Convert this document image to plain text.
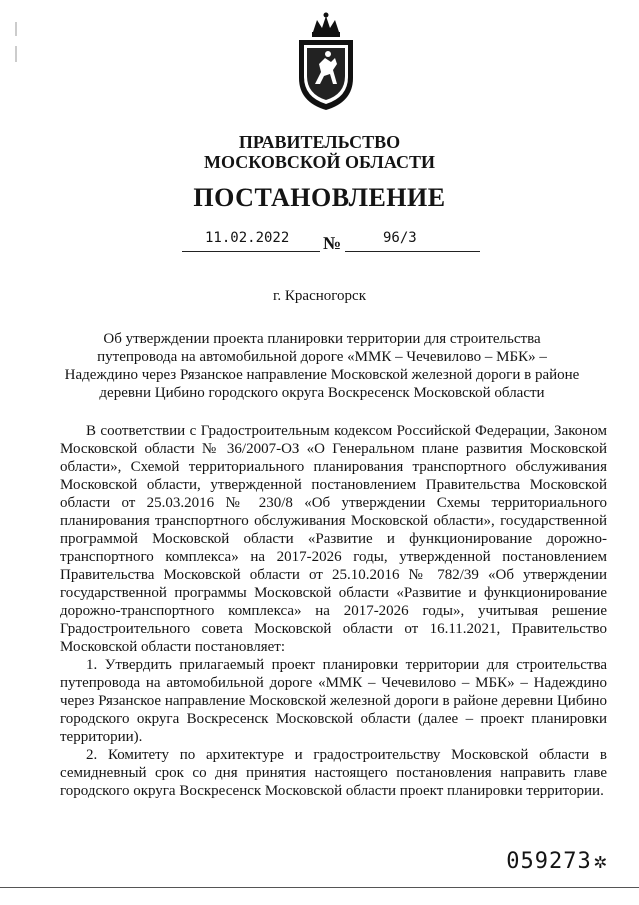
ПРАВИТЕЛЬСТВО
МОСКОВСКОЙ ОБЛАСТИ
ПОСТАНОВЛЕНИЕ
11.02.2022 №	96/3
г. Красногорск
Об утверждении проекта планировки территории для строительства путепровода на автомобильной дороге «ММК – Чечевилово – МБК» – Надеждино через Рязанское направление Московской железной дороги в районе деревни Цибино городского округа Воскресенск Московской области

В соответствии с Градостроительным кодексом Российской Федерации, Законом Московской области № 36/2007-ОЗ «О Генеральном плане развития Московской области», Схемой территориального планирования транспортного обслуживания Московской области, утвержденной постановлением Правительства Московской области от 25.03.2016 № 230/8 «Об утверждении Схемы территориального планирования транспортного обслуживания Московской области», государственной программой Московской области «Развитие и функционирование дорожно-транспортного комплекса» на 2017-2026 годы, утвержденной постановлением Правительства Московской области от 25.10.2016 № 782/39 «Об утверждении государственной программы Московской области «Развитие и функционирование дорожно-транспортного комплекса» на 2017-2026 годы», учитывая решение Градостроительного совета Московской области от 16.11.2021, Правительство Московской области постановляет:

1. Утвердить прилагаемый проект планировки территории для строительства путепровода на автомобильной дороге «ММК – Чечевилово – МБК» – Надеждино через Рязанское направление Московской железной дороги в районе деревни Цибино городского округа Воскресенск Московской области (далее – проект планировки территории).

2. Комитету по архитектуре и градостроительству Московской области в семидневный срок со дня принятия настоящего постановления направить главе городского округа Воскресенск Московской области проект планировки территории.

059273✲
